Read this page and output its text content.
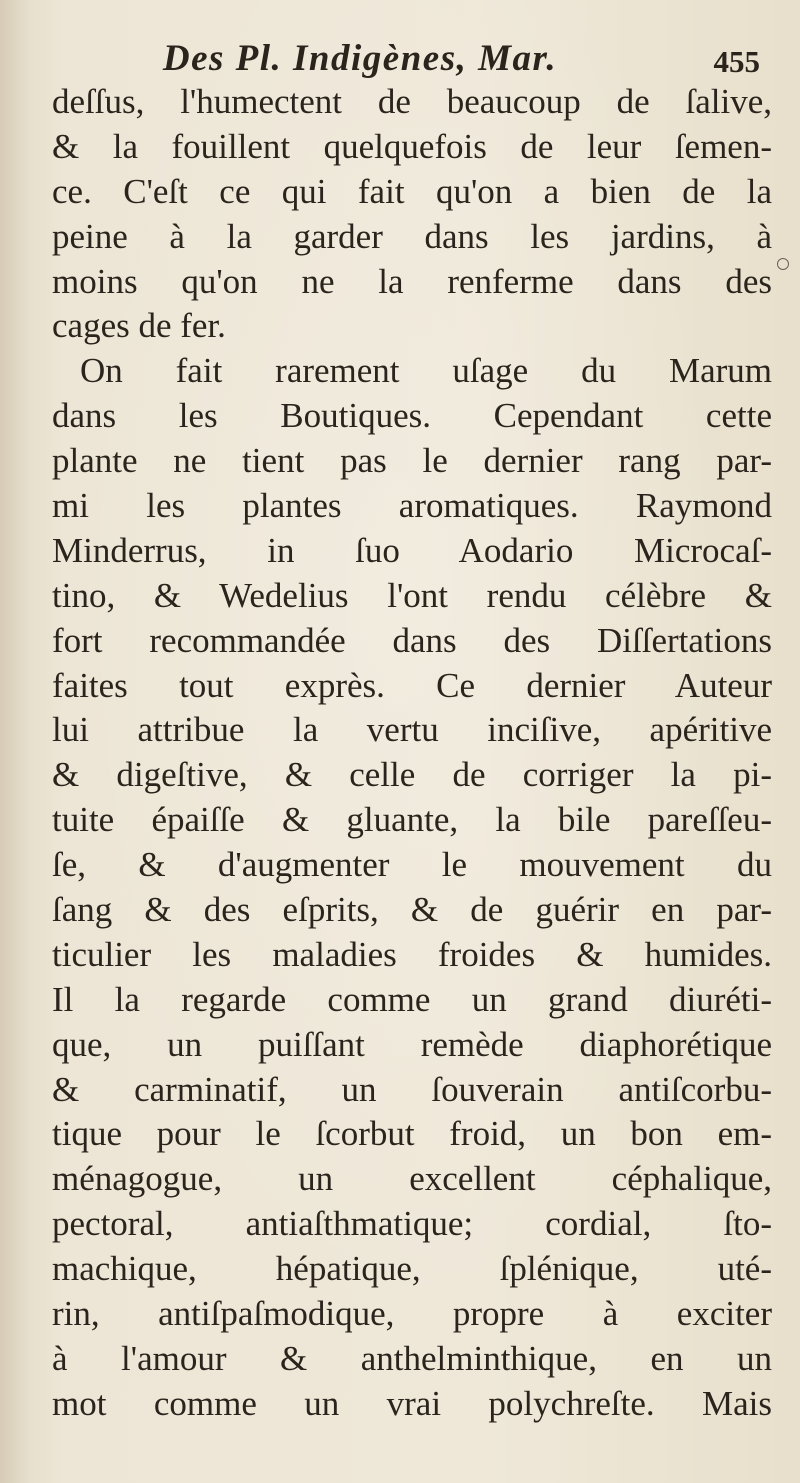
Des Pl. Indigènes, Mar.	455
deſſus, l'humectent de beaucoup de ſalive,
& la fouillent quelquefois de leur ſemen-
ce. C'eſt ce qui fait qu'on a bien de la
peine à la garder dans les jardins, à
moins qu'on ne la renferme dans des
cages de fer.
On fait rarement uſage du Marum
dans les Boutiques. Cependant cette
plante ne tient pas le dernier rang par-
mi les plantes aromatiques. Raymond
Minderrus, in ſuo Aodario Microcaſ-
tino, & Wedelius l'ont rendu célèbre &
fort recommandée dans des Diſſertations
faites tout exprès. Ce dernier Auteur
lui attribue la vertu inciſive, apéritive
& digeſtive, & celle de corriger la pi-
tuite épaiſſe & gluante, la bile pareſſeu-
ſe, & d'augmenter le mouvement du
ſang & des eſprits, & de guérir en par-
ticulier les maladies froides & humides.
Il la regarde comme un grand diuréti-
que, un puiſſant remède diaphorétique
& carminatif, un ſouverain antiſcorbu-
tique pour le ſcorbut froid, un bon em-
ménagogue, un excellent céphalique,
pectoral, antiaſthmatique; cordial, ſto-
machique, hépatique, ſplénique, uté-
rin, antiſpaſmodique, propre à exciter
à l'amour & anthelminthique, en un
mot comme un vrai polychreſte. Mais
